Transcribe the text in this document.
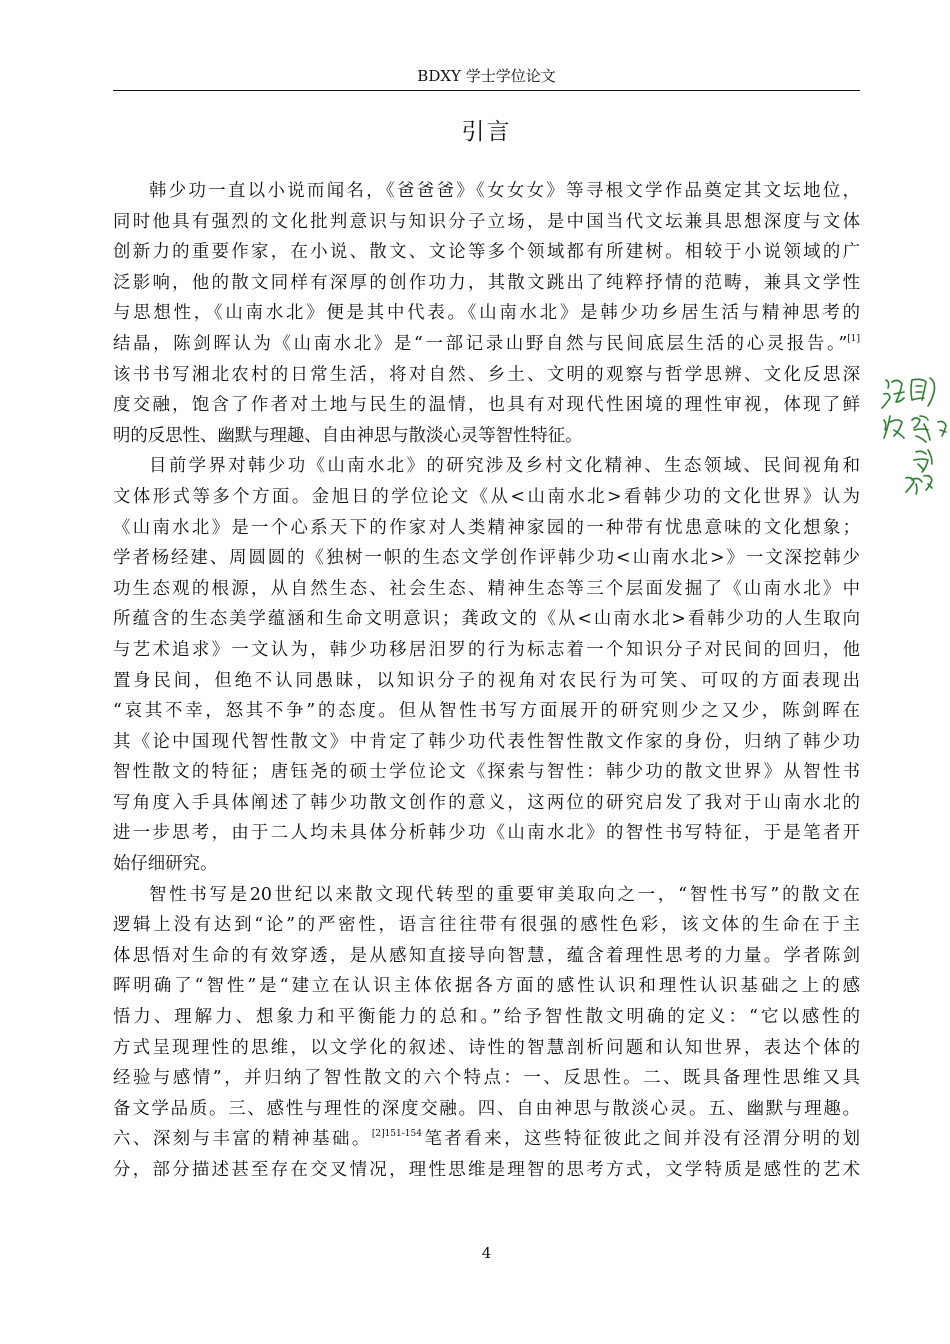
BDXY 学士学位论文
引言
韩少功一直以小说而闻名，《爸爸爸》《女女女》等寻根文学作品奠定其文坛地位，
同时他具有强烈的文化批判意识与知识分子立场，是中国当代文坛兼具思想深度与文体
创新力的重要作家，在小说、散文、文论等多个领域都有所建树。相较于小说领域的广
泛影响，他的散文同样有深厚的创作功力，其散文跳出了纯粹抒情的范畴，兼具文学性
与思想性，《山南水北》便是其中代表。《山南水北》是韩少功乡居生活与精神思考的
结晶，陈剑晖认为《山南水北》是“一部记录山野自然与民间底层生活的心灵报告。”[1]
该书书写湘北农村的日常生活，将对自然、乡土、文明的观察与哲学思辨、文化反思深
度交融，饱含了作者对土地与民生的温情，也具有对现代性困境的理性审视，体现了鲜
明的反思性、幽默与理趣、自由神思与散淡心灵等智性特征。
目前学界对韩少功《山南水北》的研究涉及乡村文化精神、生态领域、民间视角和
文体形式等多个方面。金旭日的学位论文《从<山南水北>看韩少功的文化世界》认为
《山南水北》是一个心系天下的作家对人类精神家园的一种带有忧患意味的文化想象；
学者杨经建、周圆圆的《独树一帜的生态文学创作评韩少功<山南水北>》一文深挖韩少
功生态观的根源，从自然生态、社会生态、精神生态等三个层面发掘了《山南水北》中
所蕴含的生态美学蕴涵和生命文明意识；龚政文的《从<山南水北>看韩少功的人生取向
与艺术追求》一文认为，韩少功移居汨罗的行为标志着一个知识分子对民间的回归，他
置身民间，但绝不认同愚昧，以知识分子的视角对农民行为可笑、可叹的方面表现出
“哀其不幸，怒其不争”的态度。但从智性书写方面展开的研究则少之又少，陈剑晖在
其《论中国现代智性散文》中肯定了韩少功代表性智性散文作家的身份，归纳了韩少功
智性散文的特征；唐钰尧的硕士学位论文《探索与智性：韩少功的散文世界》从智性书
写角度入手具体阐述了韩少功散文创作的意义，这两位的研究启发了我对于山南水北的
进一步思考，由于二人均未具体分析韩少功《山南水北》的智性书写特征，于是笔者开
始仔细研究。
智性书写是20世纪以来散文现代转型的重要审美取向之一，“智性书写”的散文在
逻辑上没有达到“论”的严密性，语言往往带有很强的感性色彩，该文体的生命在于主
体思悟对生命的有效穿透，是从感知直接导向智慧，蕴含着理性思考的力量。学者陈剑
晖明确了“智性”是“建立在认识主体依据各方面的感性认识和理性认识基础之上的感
悟力、理解力、想象力和平衡能力的总和。”给予智性散文明确的定义：“它以感性的
方式呈现理性的思维，以文学化的叙述、诗性的智慧剖析问题和认知世界，表达个体的
经验与感情”，并归纳了智性散文的六个特点：一、反思性。二、既具备理性思维又具
备文学品质。三、感性与理性的深度交融。四、自由神思与散淡心灵。五、幽默与理趣。
六、深刻与丰富的精神基础。$^{[2]151-154}$笔者看来，这些特征彼此之间并没有泾渭分明的划
分，部分描述甚至存在交叉情况，理性思维是理智的思考方式，文学特质是感性的艺术
4
